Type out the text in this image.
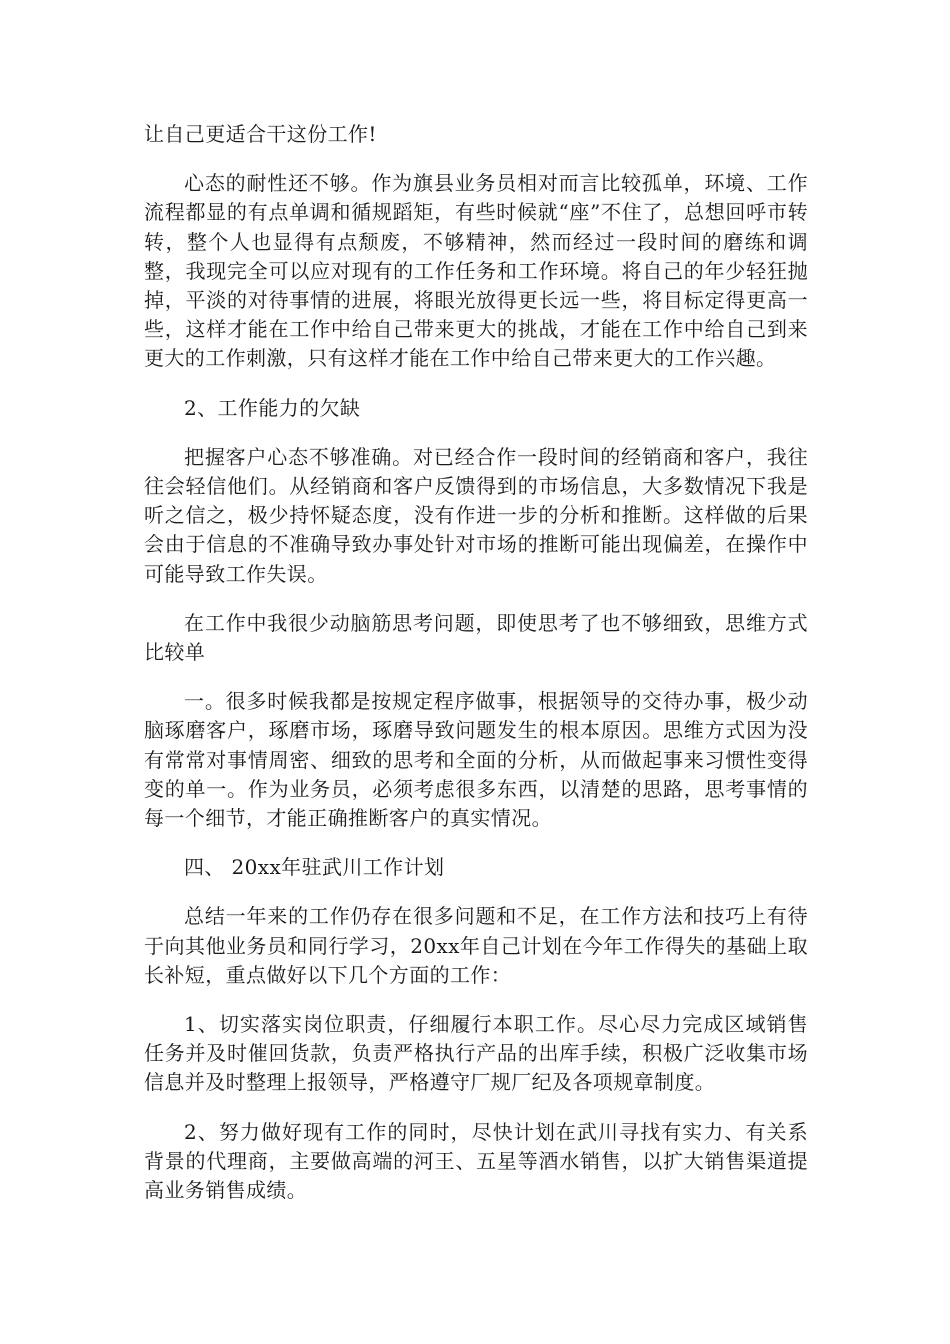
让自己更适合干这份工作!

心态的耐性还不够。作为旗县业务员相对而言比较孤单，环境、工作流程都显的有点单调和循规蹈矩，有些时候就“座”不住了，总想回呼市转转，整个人也显得有点颓废，不够精神，然而经过一段时间的磨练和调整，我现完全可以应对现有的工作任务和工作环境。将自己的年少轻狂抛掉，平淡的对待事情的进展，将眼光放得更长远一些，将目标定得更高一些，这样才能在工作中给自己带来更大的挑战，才能在工作中给自己到来更大的工作刺激，只有这样才能在工作中给自己带来更大的工作兴趣。

2、工作能力的欠缺

把握客户心态不够准确。对已经合作一段时间的经销商和客户，我往往会轻信他们。从经销商和客户反馈得到的市场信息，大多数情况下我是听之信之，极少持怀疑态度，没有作进一步的分析和推断。这样做的后果会由于信息的不准确导致办事处针对市场的推断可能出现偏差，在操作中可能导致工作失误。

在工作中我很少动脑筋思考问题，即使思考了也不够细致，思维方式比较单

一。很多时候我都是按规定程序做事，根据领导的交待办事，极少动脑琢磨客户，琢磨市场，琢磨导致问题发生的根本原因。思维方式因为没有常常对事情周密、细致的思考和全面的分析，从而做起事来习惯性变得变的单一。作为业务员，必须考虑很多东西，以清楚的思路，思考事情的每一个细节，才能正确推断客户的真实情况。

四、 20xx年驻武川工作计划

总结一年来的工作仍存在很多问题和不足，在工作方法和技巧上有待于向其他业务员和同行学习，20xx年自己计划在今年工作得失的基础上取长补短，重点做好以下几个方面的工作：

1、切实落实岗位职责，仔细履行本职工作。尽心尽力完成区域销售任务并及时催回货款，负责严格执行产品的出库手续，积极广泛收集市场信息并及时整理上报领导，严格遵守厂规厂纪及各项规章制度。

2、努力做好现有工作的同时，尽快计划在武川寻找有实力、有关系背景的代理商，主要做高端的河王、五星等酒水销售，以扩大销售渠道提高业务销售成绩。
